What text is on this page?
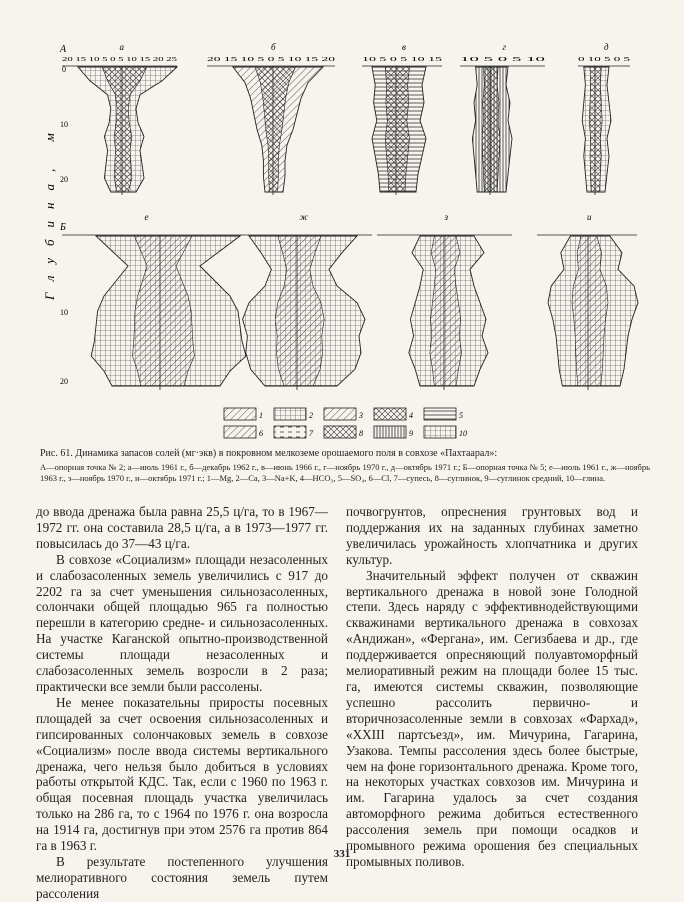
Глубина, м
А
Б
0
10
20
10
20
а
20 15 10 5 0 5 10 15 20 25
б
20 15 10 5 0 5 10 15 20
в
10 5 0 5 10 15
г
10 5 0 5 10
д
0 10 5 0 5
е	ж	з	и
1	2	3	4	5
6	7	8	9	10
Рис. 61. Динамика запасов солей (мг·экв) в покровном мелкоземе орошаемого поля в совхозе «Пахтаарал»:
А—опорная точка № 2; а—июль 1961 г., б—декабрь 1962 г., в—июнь 1966 г., г—ноябрь 1970 г., д—октябрь 1971 г.; Б—опорная точка № 5; е—июль 1961 г., ж—ноябрь 1963 г., з—ноябрь 1970 г., и—октябрь 1971 г.; 1—Mg, 2—Ca, 3—Na+K, 4—HCO₃, 5—SO₄, 6—Cl, 7—супесь, 8—суглинок, 9—суглинок средний, 10—глина.

до ввода дренажа была равна 25,5 ц/га, то в 1967—1972 гг. она составила 28,5 ц/га, а в 1973—1977 гг. повысилась до 37—43 ц/га.

В совхозе «Социализм» площади незасоленных и слабозасоленных земель увеличились с 917 до 2202 га за счет уменьшения сильнозасоленных, солончаки общей площадью 965 га полностью перешли в категорию средне- и сильнозасоленных. На участке Каганской опытно-производственной системы площади незасоленных и слабозасоленных земель возросли в 2 раза; практически все земли были рассолены.

Не менее показательны приросты посевных площадей за счет освоения сильнозасоленных и гипсированных солончаковых земель в совхозе «Социализм» после ввода системы вертикального дренажа, чего нельзя было добиться в условиях работы открытой КДС. Так, если с 1960 по 1963 г. общая посевная площадь участка увеличилась только на 286 га, то с 1964 по 1976 г. она возросла на 1914 га, достигнув при этом 2576 га против 864 га в 1963 г.

В результате постепенного улучшения мелиоративного состояния земель путем рассоления

почвогрунтов, опреснения грунтовых вод и поддержания их на заданных глубинах заметно увеличилась урожайность хлопчатника и других культур.

Значительный эффект получен от скважин вертикального дренажа в новой зоне Голодной степи. Здесь наряду с эффективнодействующими скважинами вертикального дренажа в совхозах «Андижан», «Фергана», им. Сегизбаева и др., где поддерживается опресняющий полуавтоморфный мелиоративный режим на площади более 15 тыс. га, имеются системы скважин, позволяющие успешно рассолить первично- и вторичнозасоленные земли в совхозах «Фархад», «XXIII партсъезд», им. Мичурина, Гагарина, Узакова. Темпы рассоления здесь более быстрые, чем на фоне горизонтального дренажа. Кроме того, на некоторых участках совхозов им. Мичурина и им. Гагарина удалось за счет создания автоморфного режима добиться естественного рассоления земель при помощи осадков и промывного режима орошения без специальных промывных поливов.

331
